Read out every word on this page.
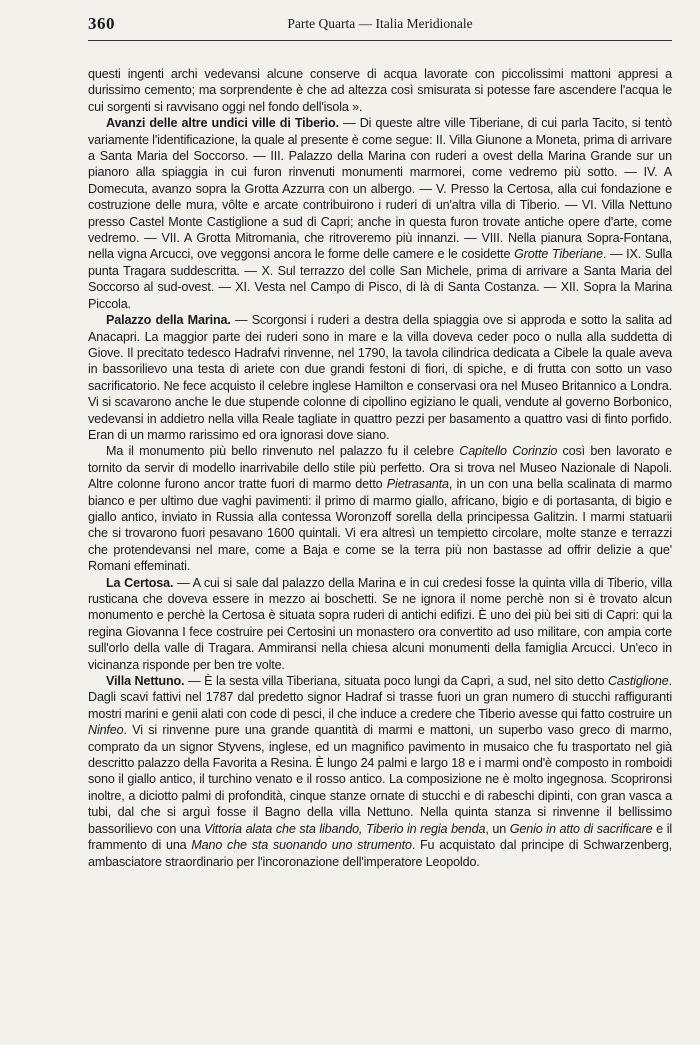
360	Parte Quarta — Italia Meridionale

questi ingenti archi vedevansi alcune conserve di acqua lavorate con piccolissimi mattoni appresi a durissimo cemento; ma sorprendente è che ad altezza così smisurata si potesse fare ascendere l'acqua le cui sorgenti si ravvisano oggi nel fondo dell'isola ».

Avanzi delle altre undici ville di Tiberio. — Di queste altre ville Tiberiane, di cui parla Tacito, si tentò variamente l'identificazione, la quale al presente è come segue: II. Villa Giunone a Moneta, prima di arrivare a Santa Maria del Soccorso. — III. Palazzo della Marina con ruderi a ovest della Marina Grande sur un pianoro alla spiaggia in cui furon rinvenuti monumenti marmorei, come vedremo più sotto. — IV. A Domecuta, avanzo sopra la Grotta Azzurra con un albergo. — V. Presso la Certosa, alla cui fondazione e costruzione delle mura, vôlte e arcate contribuirono i ruderi di un'altra villa di Tiberio. — VI. Villa Nettuno presso Castel Monte Castiglione a sud di Capri; anche in questa furon trovate antiche opere d'arte, come vedremo. — VII. A Grotta Mitromania, che ritroveremo più innanzi. — VIII. Nella pianura Sopra-Fontana, nella vigna Arcucci, ove veggonsi ancora le forme delle camere e le cosidette Grotte Tiberiane. — IX. Sulla punta Tragara suddescritta. — X. Sul terrazzo del colle San Michele, prima di arrivare a Santa Maria del Soccorso al sud-ovest. — XI. Vesta nel Campo di Pisco, di là di Santa Costanza. — XII. Sopra la Marina Piccola.

Palazzo della Marina. — Scorgonsi i ruderi a destra della spiaggia ove si approda e sotto la salita ad Anacapri. La maggior parte dei ruderi sono in mare e la villa doveva ceder poco o nulla alla suddetta di Giove. Il precitato tedesco Hadrafvi rinvenne, nel 1790, la tavola cilindrica dedicata a Cibele la quale aveva in bassorilievo una testa di ariete con due grandi festoni di fiori, di spiche, e di frutta con sotto un vaso sacrificatorio. Ne fece acquisto il celebre inglese Hamilton e conservasi ora nel Museo Britannico a Londra. Vi si scavarono anche le due stupende colonne di cipollino egiziano le quali, vendute al governo Borbonico, vedevansi in addietro nella villa Reale tagliate in quattro pezzi per basamento a quattro vasi di finto porfido. Eran di un marmo rarissimo ed ora ignorasi dove siano.

Ma il monumento più bello rinvenuto nel palazzo fu il celebre Capitello Corinzio così ben lavorato e tornito da servir di modello inarrivabile dello stile più perfetto. Ora si trova nel Museo Nazionale di Napoli. Altre colonne furono ancor tratte fuori di marmo detto Pietrasanta, in un con una bella scalinata di marmo bianco e per ultimo due vaghi pavimenti: il primo di marmo giallo, africano, bigio e di portasanta, di bigio e giallo antico, inviato in Russia alla contessa Woronzoff sorella della principessa Galitzin. I marmi statuarii che si trovarono fuori pesavano 1600 quintali. Vi era altresì un tempietto circolare, molte stanze e terrazzi che protendevansi nel mare, come a Baja e come se la terra più non bastasse ad offrir delizie a que' Romani effeminati.

La Certosa. — A cui si sale dal palazzo della Marina e in cui credesi fosse la quinta villa di Tiberio, villa rusticana che doveva essere in mezzo ai boschetti. Se ne ignora il nome perchè non si è trovato alcun monumento e perchè la Certosa è situata sopra ruderi di antichi edifizi. È uno dei più bei siti di Capri: qui la regina Giovanna I fece costruire pei Certosini un monastero ora convertito ad uso militare, con ampia corte sull'orlo della valle di Tragara. Ammiransi nella chiesa alcuni monumenti della famiglia Arcucci. Un'eco in vicinanza risponde per ben tre volte.

Villa Nettuno. — È la sesta villa Tiberiana, situata poco lungi da Capri, a sud, nel sito detto Castiglione. Dagli scavi fattivi nel 1787 dal predetto signor Hadraf si trasse fuori un gran numero di stucchi raffiguranti mostri marini e genii alati con code di pesci, il che induce a credere che Tiberio avesse qui fatto costruire un Ninfeo. Vi si rinvenne pure una grande quantità di marmi e mattoni, un superbo vaso greco di marmo, comprato da un signor Styvens, inglese, ed un magnifico pavimento in musaico che fu trasportato nel già descritto palazzo della Favorita a Resina. È lungo 24 palmi e largo 18 e i marmi ond'è composto in romboidi sono il giallo antico, il turchino venato e il rosso antico. La composizione ne è molto ingegnosa. Scoprironsi inoltre, a diciotto palmi di profondità, cinque stanze ornate di stucchi e di rabeschi dipinti, con gran vasca a tubi, dal che si arguì fosse il Bagno della villa Nettuno. Nella quinta stanza si rinvenne il bellissimo bassorilievo con una Vittoria alata che sta libando, Tiberio in regia benda, un Genio in atto di sacrificare e il frammento di una Mano che sta suonando uno strumento. Fu acquistato dal principe di Schwarzenberg, ambasciatore straordinario per l'incoronazione dell'imperatore Leopoldo.
